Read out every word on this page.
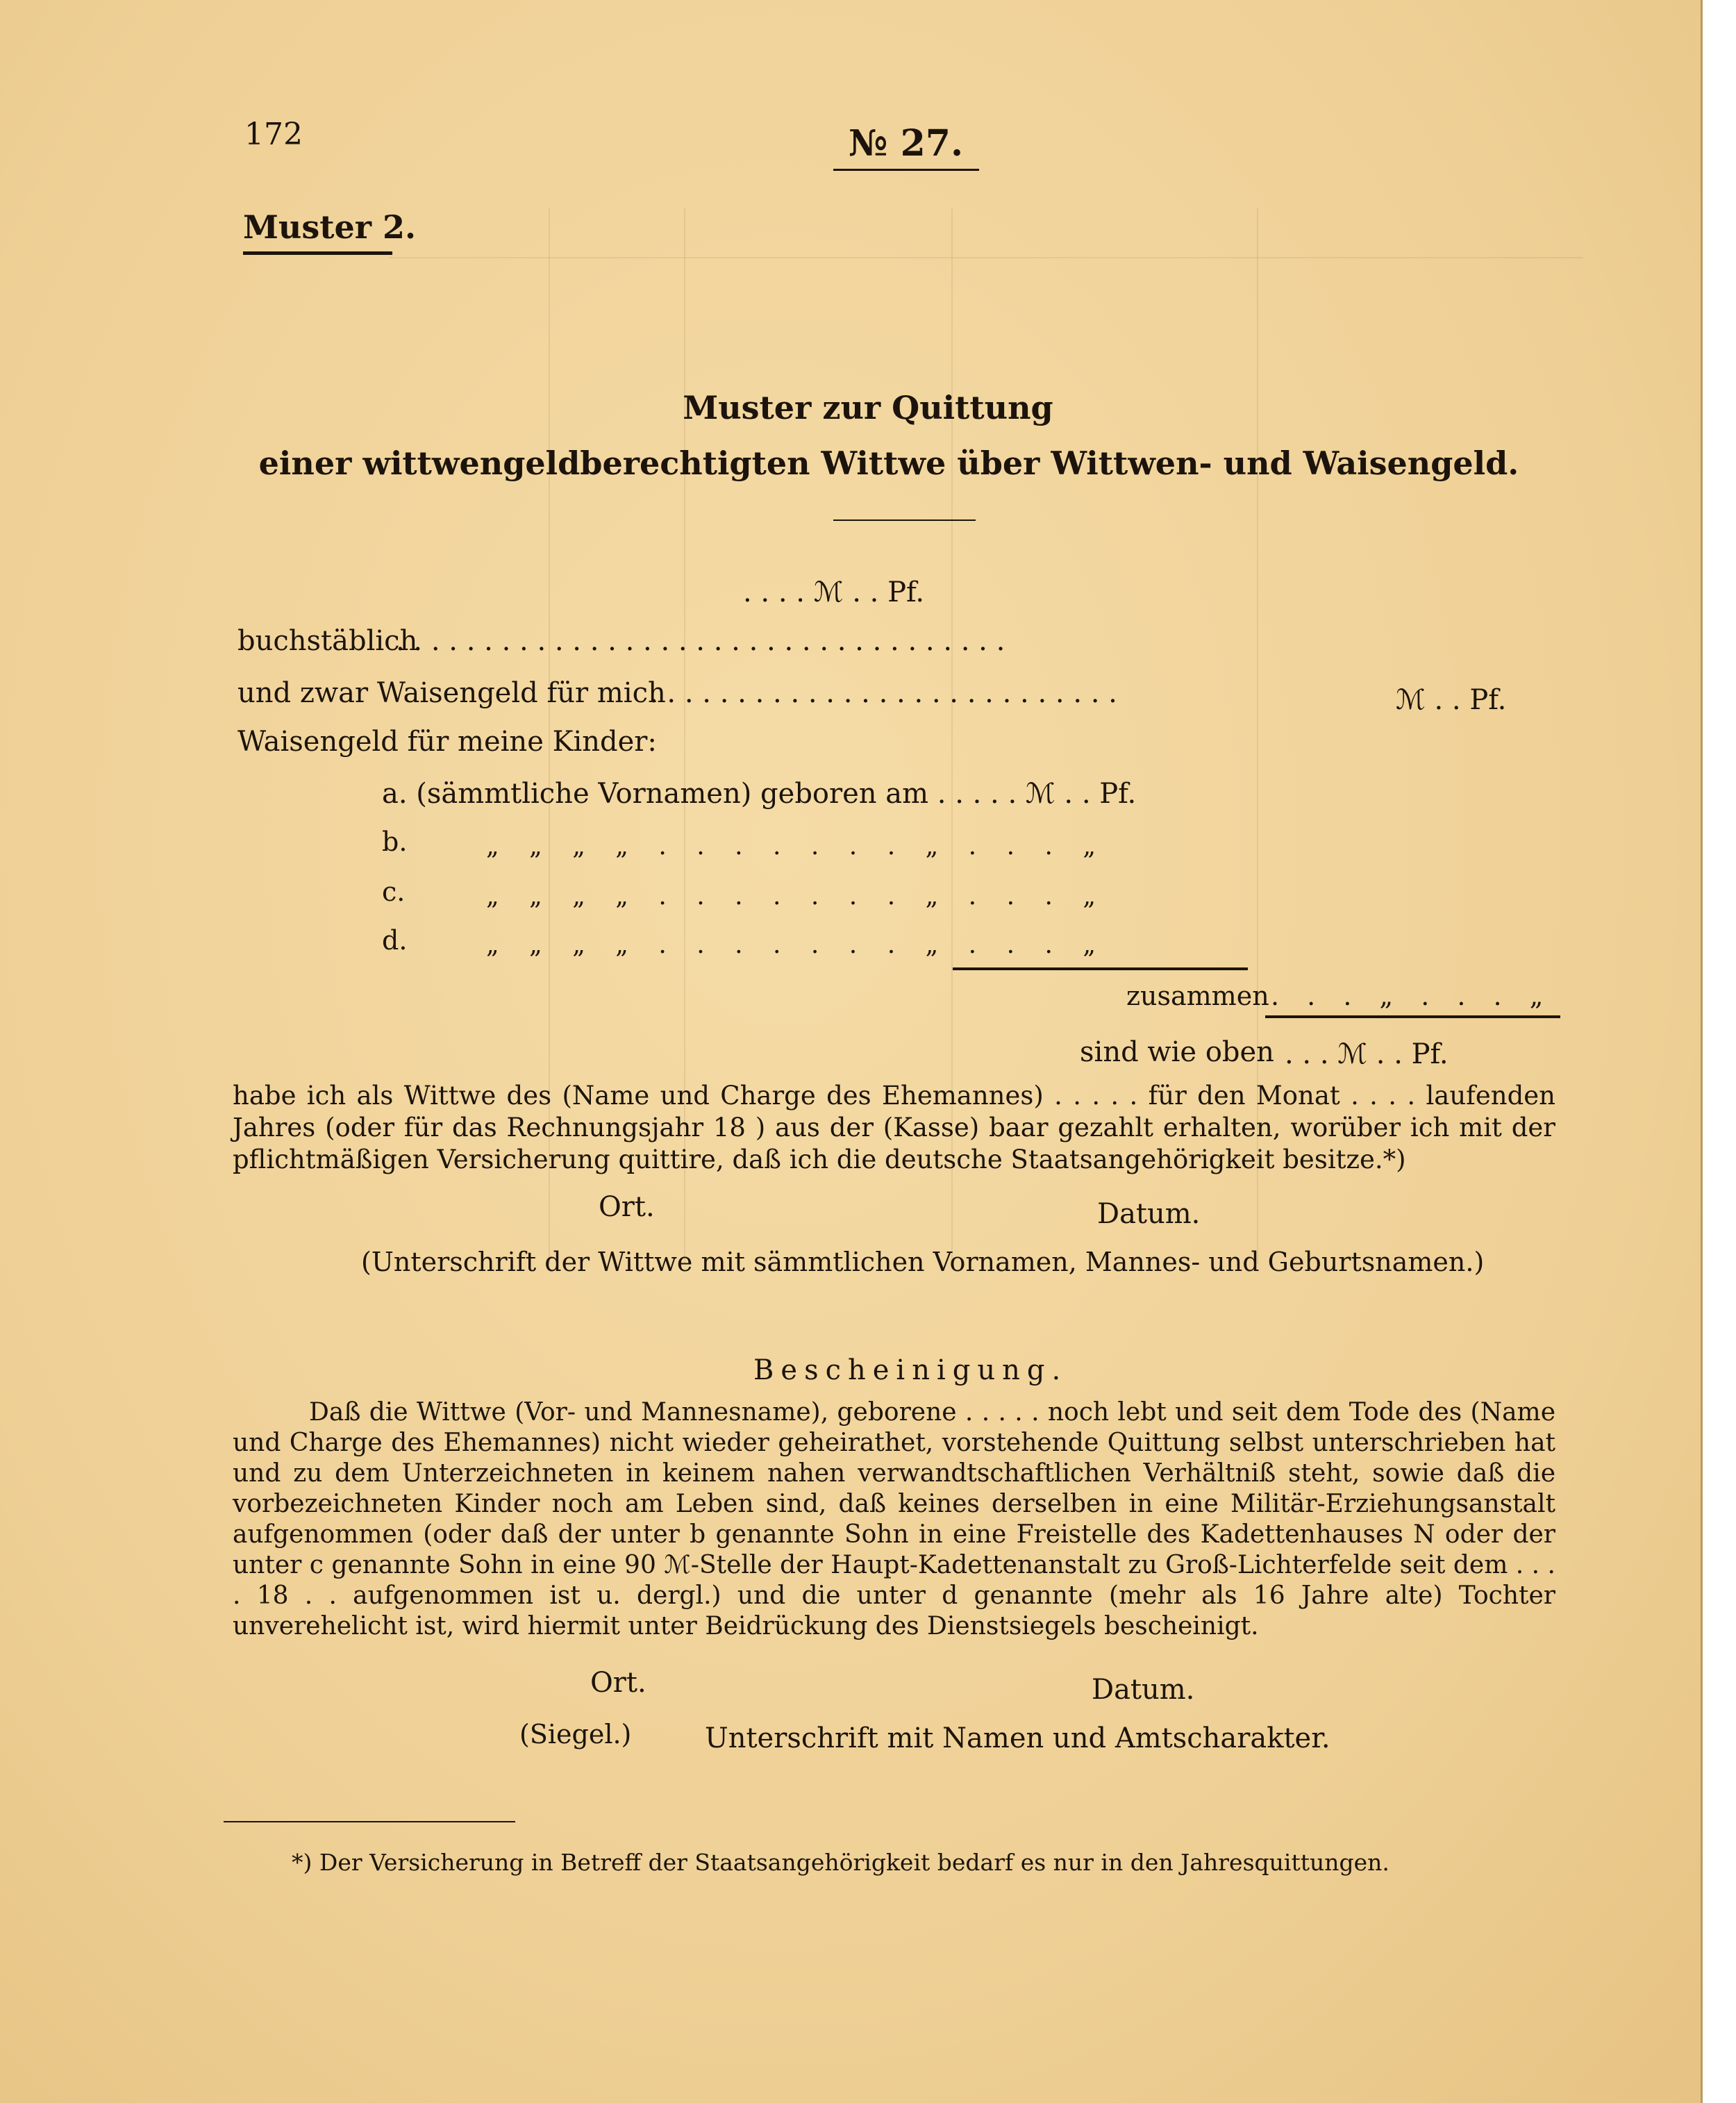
172	№ 27.
Muster 2.
Muster zur Quittung
einer wittwengeldberechtigten Wittwe über Wittwen- und Waisengeld.
. . . . ℳ . . Pf.
buchstäblich
. . . . . . . . . . . . . . . . . . . . . . . . . . . . . . . . . . .
und zwar Waisengeld für mich
. . . . . . . . . . . . . . . . . . . . . . . . . . .	ℳ . . Pf.
Waisengeld für meine Kinder:
a. (sämmtliche Vornamen) geboren am . . . . . ℳ . . Pf.
b.	„ „ „ „ . . . . . . . „ . . . „
c.	„ „ „ „ . . . . . . . „ . . . „
d.	„ „ „ „ . . . . . . . „ . . . „
zusammen . . . „ . . . „
sind wie oben . . . ℳ . . Pf.
habe ich als Wittwe des (Name und Charge des Ehemannes) . . . . . für den Monat . . . . laufenden Jahres (oder für das Rechnungsjahr 18 ) aus der (Kasse) baar gezahlt erhalten, worüber ich mit der pflichtmäßigen Versicherung quittire, daß ich die deutsche Staatsangehörigkeit besitze.*)
Ort.	Datum.
(Unterschrift der Wittwe mit sämmtlichen Vornamen, Mannes- und Geburtsnamen.)
Bescheinigung.
Daß die Wittwe (Vor- und Mannesname), geborene . . . . . noch lebt und seit dem Tode des (Name und Charge des Ehemannes) nicht wieder geheirathet, vorstehende Quittung selbst unterschrieben hat und zu dem Unterzeichneten in keinem nahen verwandtschaftlichen Verhältniß steht, sowie daß die vorbezeichneten Kinder noch am Leben sind, daß keines derselben in eine Militär-Erziehungsanstalt aufgenommen (oder daß der unter b genannte Sohn in eine Freistelle des Kadettenhauses N oder der unter c genannte Sohn in eine 90 ℳ-Stelle der Haupt-Kadettenanstalt zu Groß-Lichterfelde seit dem . . . . 18 . . aufgenommen ist u. dergl.) und die unter d genannte (mehr als 16 Jahre alte) Tochter unverehelicht ist, wird hiermit unter Beidrückung des Dienstsiegels bescheinigt.
Ort.	Datum.
(Siegel.)	Unterschrift mit Namen und Amtscharakter.
*) Der Versicherung in Betreff der Staatsangehörigkeit bedarf es nur in den Jahresquittungen.
